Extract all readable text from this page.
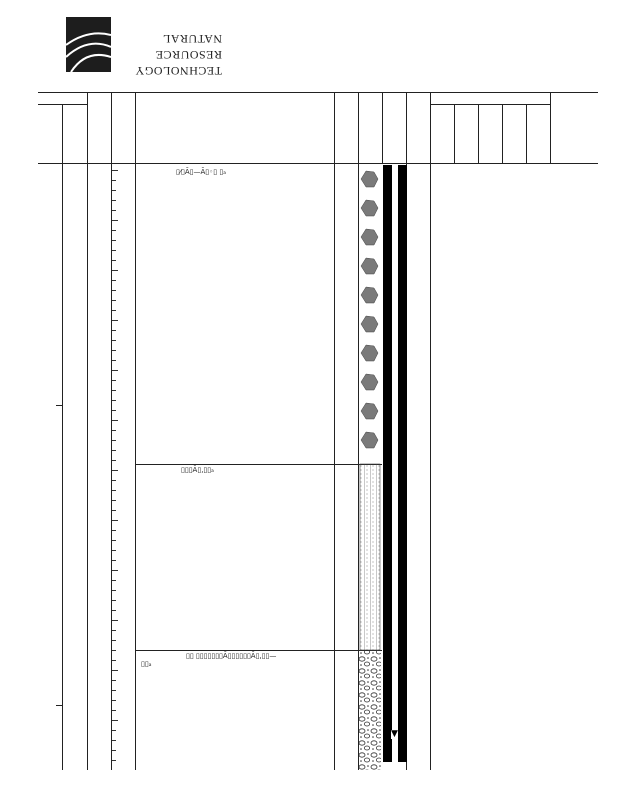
TECHNOLOGY
RESOURCE
NATURAL
▯⁄▯Ā▯—Ā▯◦▯ ▯ₐ
▯▯▯Ā▯,▯▯ₐ
▯▯ ▯▯▯▯▯▯▯Ā▯▯▯▯▯▯Ā▯,▯▯—
▯▯ₐ
▼
